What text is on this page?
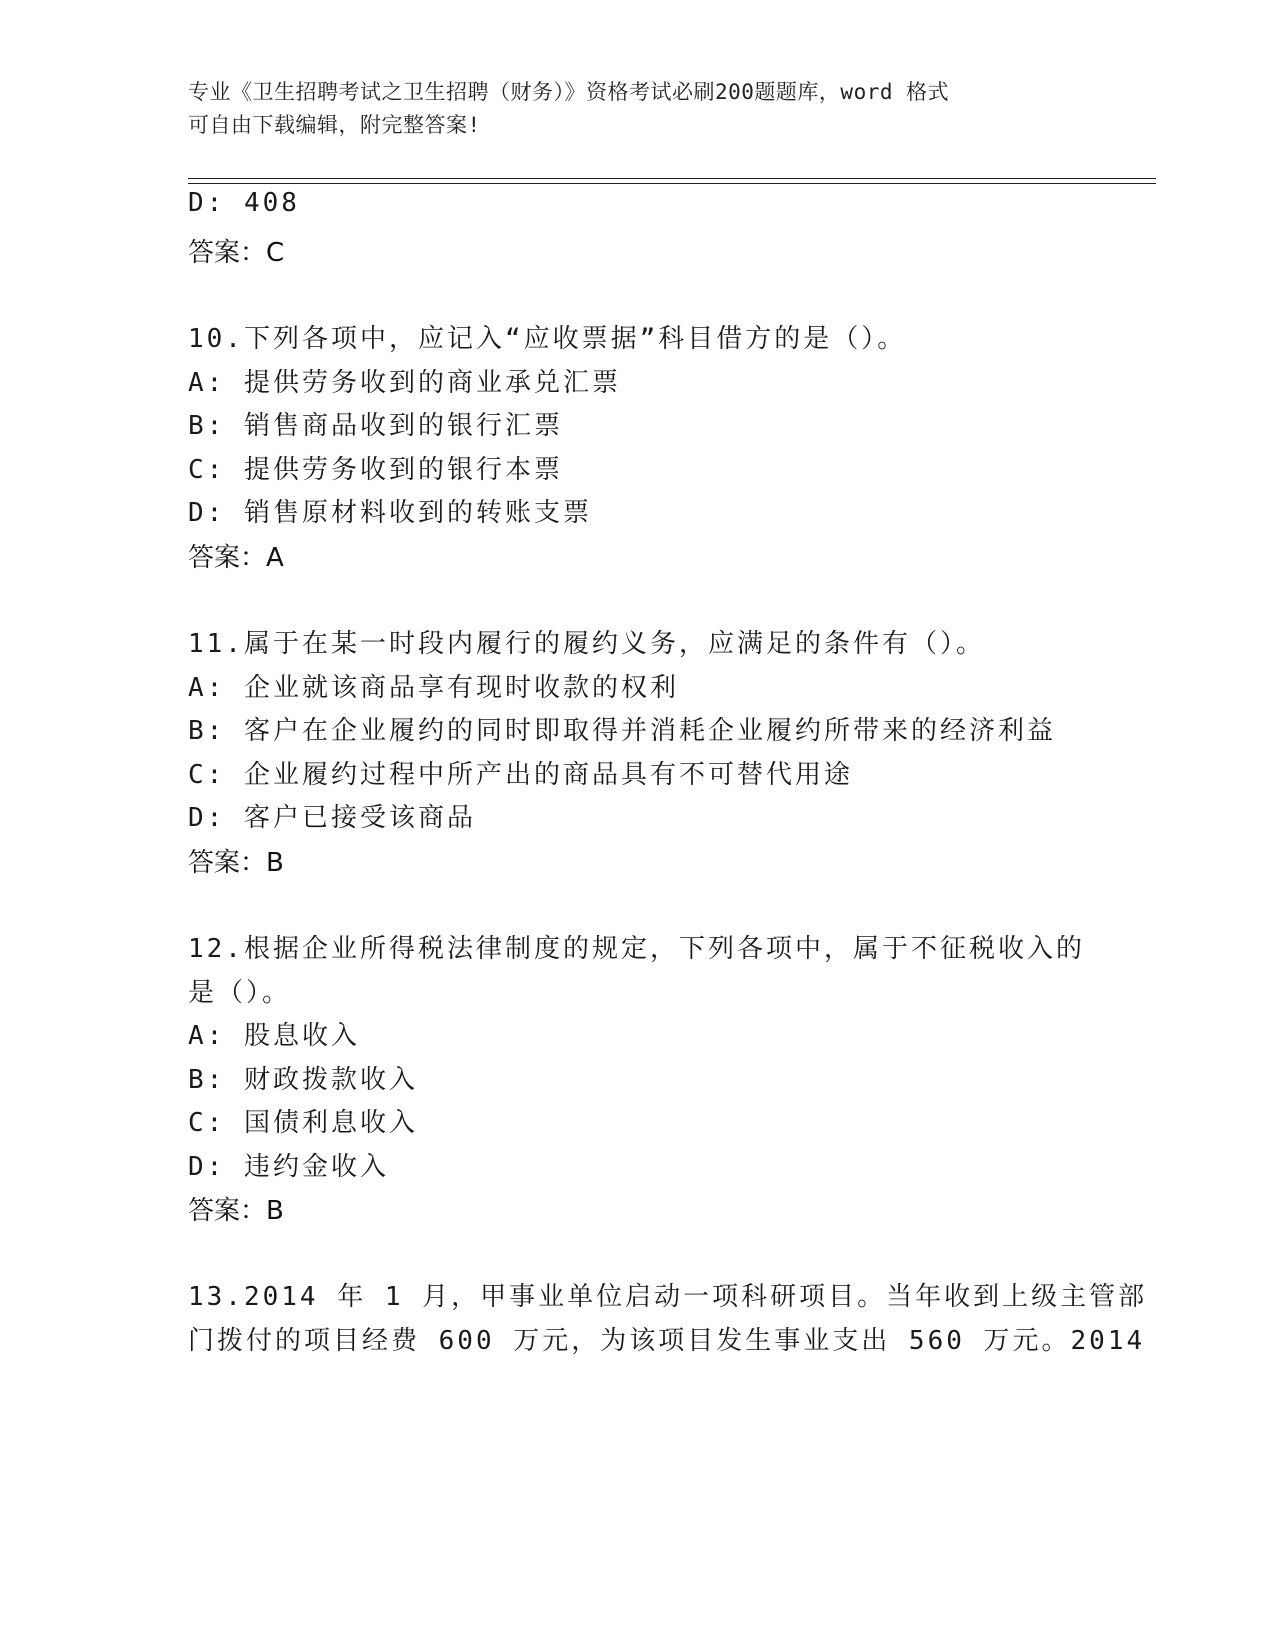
专业《卫生招聘考试之卫生招聘（财务）》资格考试必刷200题题库，word 格式
可自由下载编辑，附完整答案!
D: 408
答案：C
10.下列各项中，应记入“应收票据”科目借方的是（）。
A: 提供劳务收到的商业承兑汇票
B: 销售商品收到的银行汇票
C: 提供劳务收到的银行本票
D: 销售原材料收到的转账支票
答案：A
11.属于在某一时段内履行的履约义务，应满足的条件有（）。
A: 企业就该商品享有现时收款的权利
B: 客户在企业履约的同时即取得并消耗企业履约所带来的经济利益
C: 企业履约过程中所产出的商品具有不可替代用途
D: 客户已接受该商品
答案：B
12.根据企业所得税法律制度的规定，下列各项中，属于不征税收入的
是（）。
A: 股息收入
B: 财政拨款收入
C: 国债利息收入
D: 违约金收入
答案：B
13.2014 年 1 月，甲事业单位启动一项科研项目。当年收到上级主管部
门拨付的项目经费 600 万元，为该项目发生事业支出 560 万元。2014
